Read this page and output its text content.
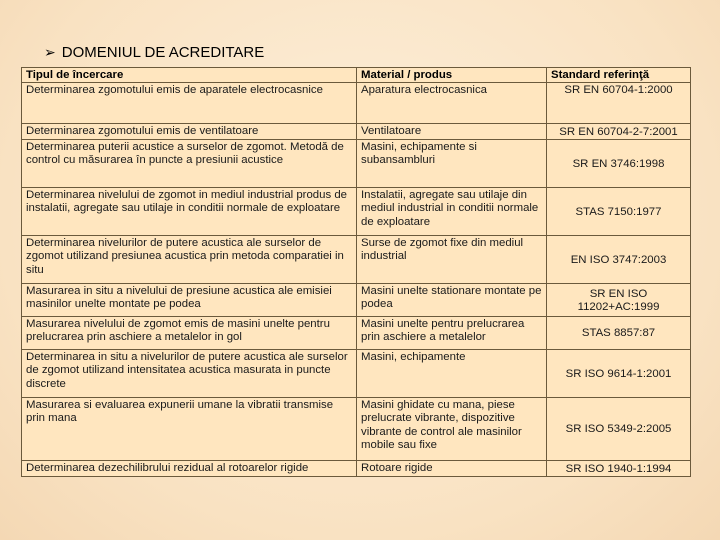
➢ DOMENIUL DE ACREDITARE
Tipul de încercare	Material / produs	Standard referinţă
Determinarea zgomotului emis de aparatele electrocasnice	Aparatura electrocasnica	SR EN 60704-1:2000
Determinarea zgomotului emis de ventilatoare	Ventilatoare	SR EN 60704-2-7:2001
Determinarea puterii acustice a surselor de zgomot. Metodă de control cu măsurarea în puncte a presiunii acustice	Masini, echipamente si subansambluri	SR EN 3746:1998
Determinarea nivelului de zgomot in mediul industrial produs de instalatii, agregate sau utilaje in conditii normale de exploatare	Instalatii, agregate sau utilaje din mediul industrial in conditii normale de exploatare	STAS 7150:1977
Determinarea nivelurilor de putere acustica ale surselor de zgomot utilizand presiunea acustica prin metoda comparatiei in situ	Surse de zgomot fixe din mediul industrial	EN ISO 3747:2003
Masurarea in situ a nivelului de presiune acustica ale emisiei masinilor unelte montate pe podea	Masini unelte stationare montate pe podea	SR EN ISO 11202+AC:1999
Masurarea nivelului de zgomot emis de masini unelte pentru prelucrarea prin aschiere a metalelor in gol	Masini unelte pentru prelucrarea prin aschiere a metalelor	STAS 8857:87
Determinarea in situ a nivelurilor de putere acustica ale surselor de zgomot utilizand intensitatea acustica masurata in puncte discrete	Masini, echipamente	SR ISO 9614-1:2001
Masurarea si evaluarea expunerii umane la vibratii transmise prin mana	Masini ghidate cu mana, piese prelucrate vibrante, dispozitive vibrante de control ale masinilor mobile sau fixe	SR ISO 5349-2:2005
Determinarea dezechilibrului rezidual al rotoarelor rigide	Rotoare rigide	SR ISO 1940-1:1994
